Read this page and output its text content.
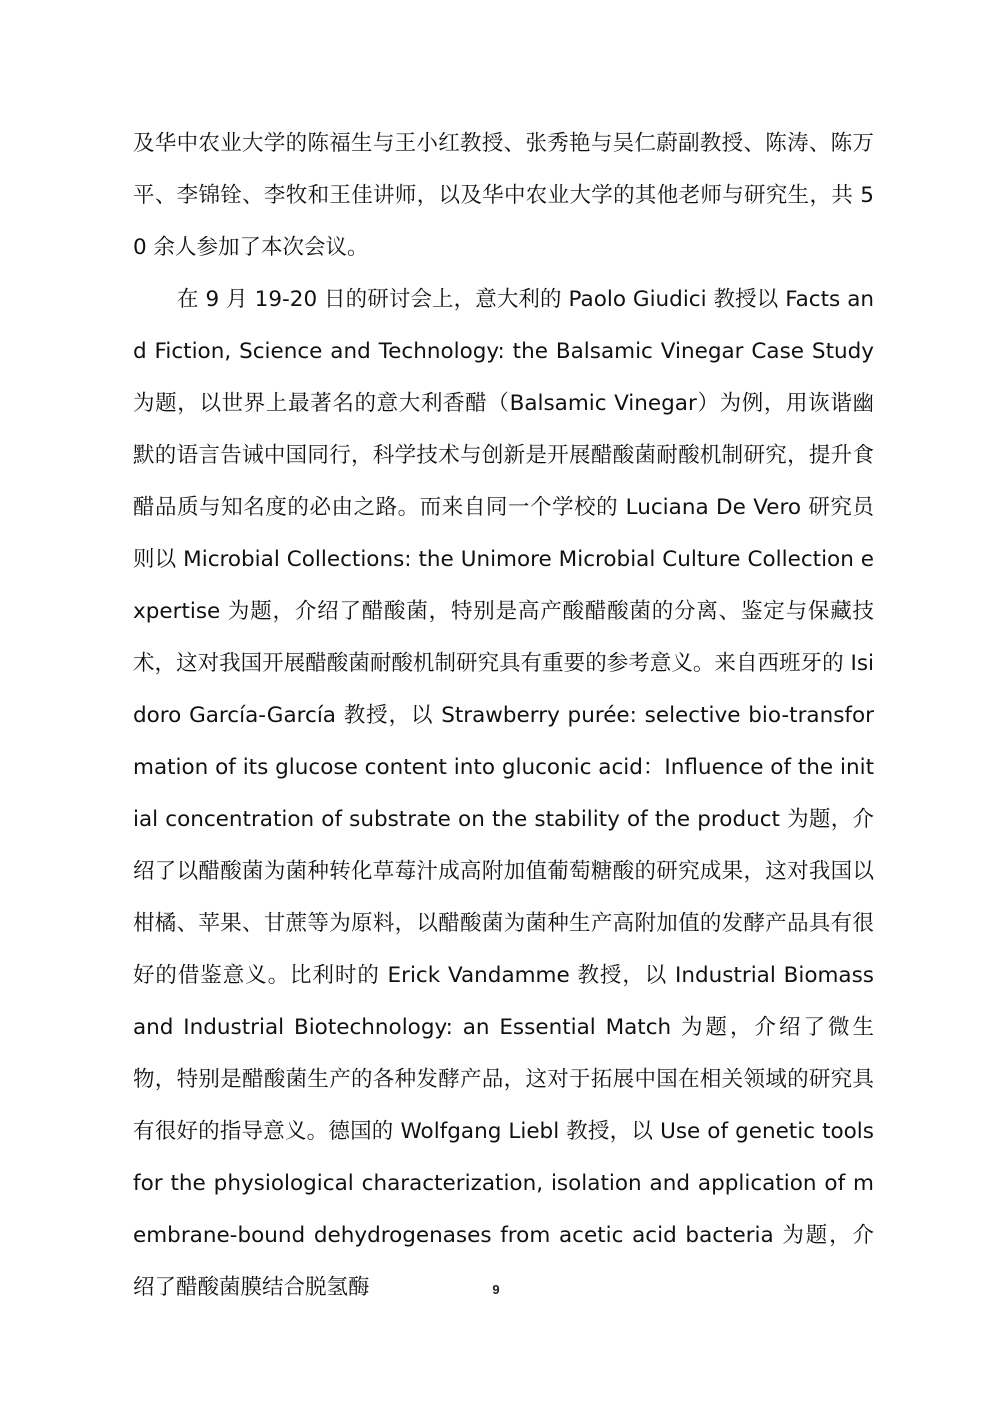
及华中农业大学的陈福生与王小红教授、张秀艳与吴仁蔚副教授、陈涛、陈万平、李锦铨、李牧和王佳讲师，以及华中农业大学的其他老师与研究生，共 50 余人参加了本次会议。

在 9 月 19-20 日的研讨会上，意大利的 Paolo Giudici 教授以 Facts and Fiction, Science and Technology: the Balsamic Vinegar Case Study 为题，以世界上最著名的意大利香醋（Balsamic Vinegar）为例，用诙谐幽默的语言告诫中国同行，科学技术与创新是开展醋酸菌耐酸机制研究，提升食醋品质与知名度的必由之路。而来自同一个学校的 Luciana De Vero 研究员则以 Microbial Collections: the Unimore Microbial Culture Collection expertise 为题，介绍了醋酸菌，特别是高产酸醋酸菌的分离、鉴定与保藏技术，这对我国开展醋酸菌耐酸机制研究具有重要的参考意义。来自西班牙的 Isidoro García-García 教授，以 Strawberry purée: selective bio-transformation of its glucose content into gluconic acid：Influence of the initial concentration of substrate on the stability of the product 为题，介绍了以醋酸菌为菌种转化草莓汁成高附加值葡萄糖酸的研究成果，这对我国以柑橘、苹果、甘蔗等为原料，以醋酸菌为菌种生产高附加值的发酵产品具有很好的借鉴意义。比利时的 Erick Vandamme 教授，以 Industrial Biomass and Industrial Biotechnology: an Essential Match 为题，介绍了微生物，特别是醋酸菌生产的各种发酵产品，这对于拓展中国在相关领域的研究具有很好的指导意义。德国的 Wolfgang Liebl 教授，以 Use of genetic tools for the physiological characterization, isolation and application of membrane-bound dehydrogenases from acetic acid bacteria 为题，介绍了醋酸菌膜结合脱氢酶	9
